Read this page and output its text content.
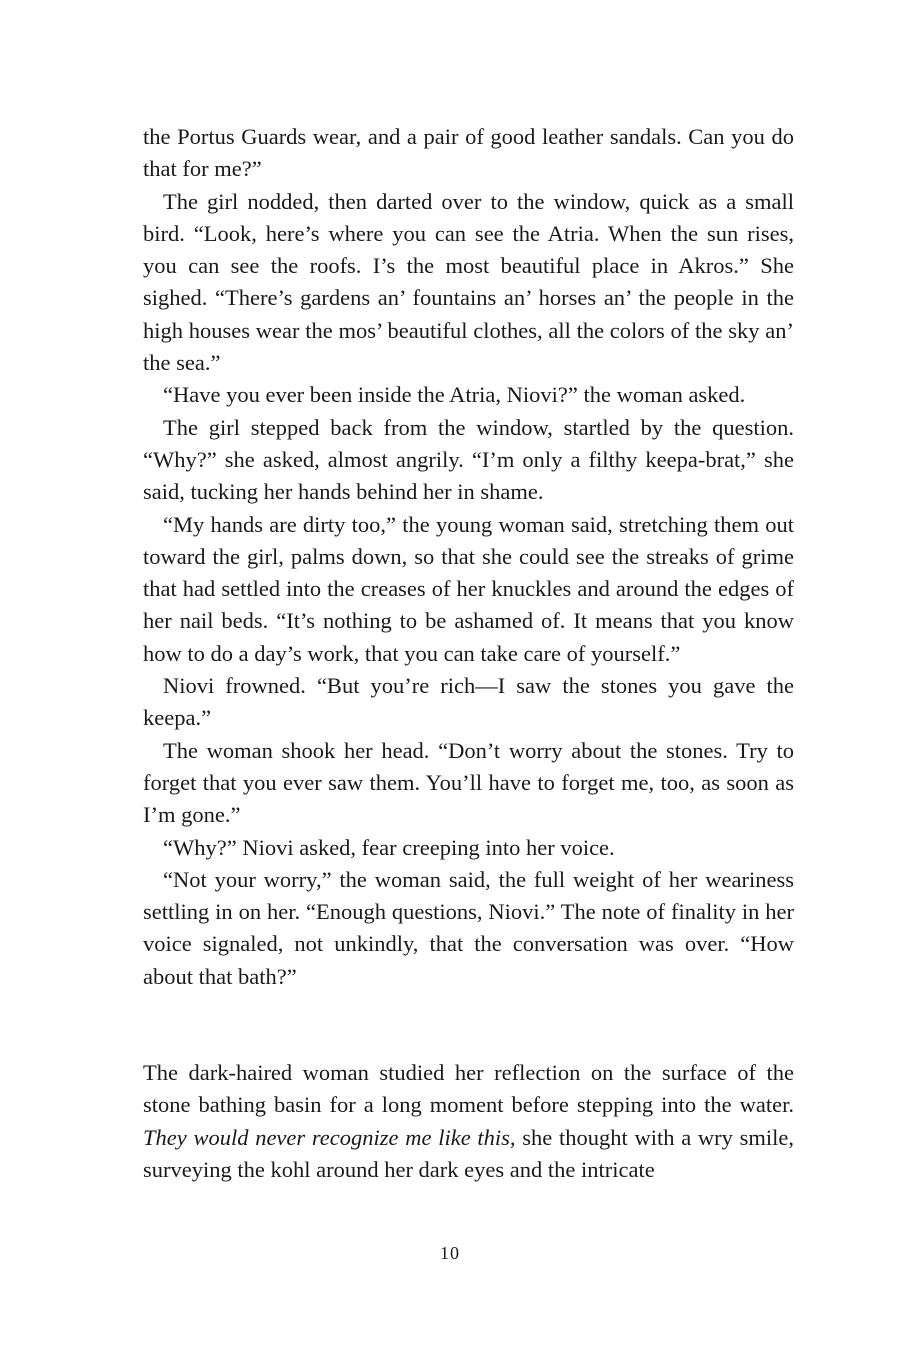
the Portus Guards wear, and a pair of good leather sandals. Can you do that for me?”

The girl nodded, then darted over to the window, quick as a small bird. “Look, here’s where you can see the Atria. When the sun rises, you can see the roofs. I’s the most beautiful place in Akros.” She sighed. “There’s gardens an’ fountains an’ horses an’ the people in the high houses wear the mos’ beautiful clothes, all the colors of the sky an’ the sea.”

“Have you ever been inside the Atria, Niovi?” the woman asked.

The girl stepped back from the window, startled by the question. “Why?” she asked, almost angrily. “I’m only a filthy keepa-brat,” she said, tucking her hands behind her in shame.

“My hands are dirty too,” the young woman said, stretching them out toward the girl, palms down, so that she could see the streaks of grime that had settled into the creases of her knuckles and around the edges of her nail beds. “It’s nothing to be ashamed of. It means that you know how to do a day’s work, that you can take care of yourself.”

Niovi frowned. “But you’re rich—I saw the stones you gave the keepa.”

The woman shook her head. “Don’t worry about the stones. Try to forget that you ever saw them. You’ll have to forget me, too, as soon as I’m gone.”

“Why?” Niovi asked, fear creeping into her voice.

“Not your worry,” the woman said, the full weight of her weariness settling in on her. “Enough questions, Niovi.” The note of finality in her voice signaled, not unkindly, that the conversation was over. “How about that bath?”

The dark-haired woman studied her reflection on the surface of the stone bathing basin for a long moment before stepping into the water. They would never recognize me like this, she thought with a wry smile, surveying the kohl around her dark eyes and the intricate

10
